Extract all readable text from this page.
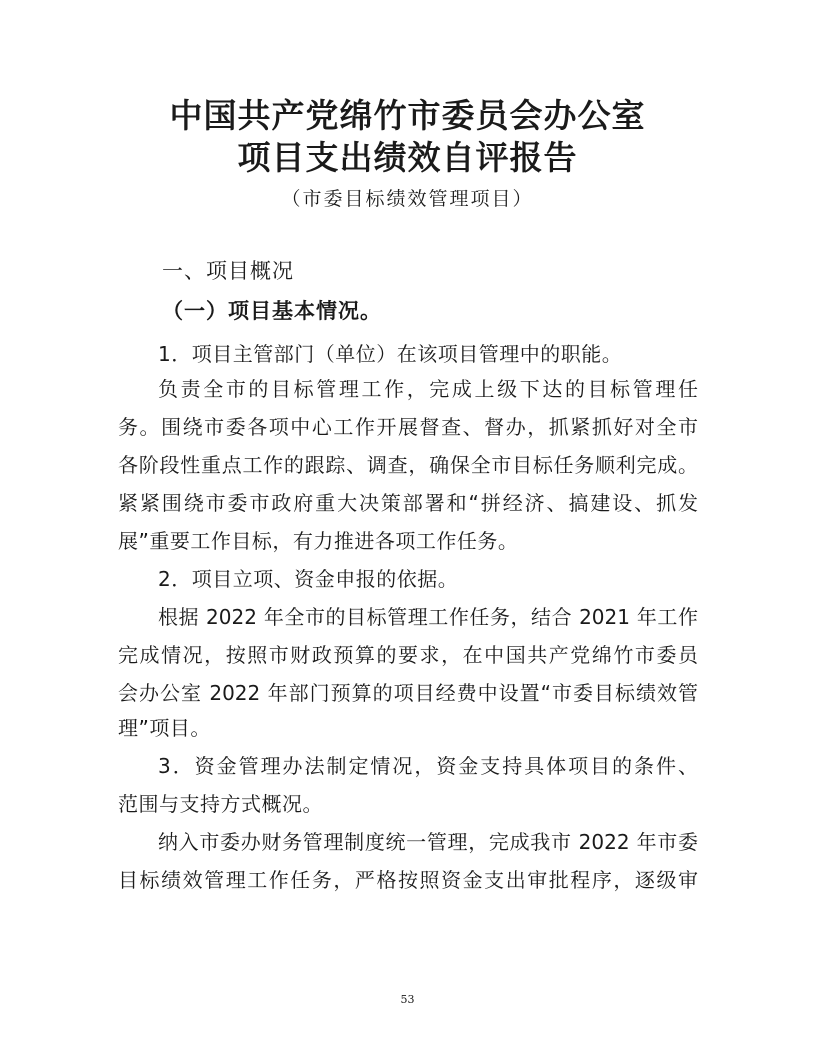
中国共产党绵竹市委员会办公室
项目支出绩效自评报告
（市委目标绩效管理项目）
一、项目概况
（一）项目基本情况。
1．项目主管部门（单位）在该项目管理中的职能。
负责全市的目标管理工作，完成上级下达的目标管理任
务。围绕市委各项中心工作开展督查、督办，抓紧抓好对全市
各阶段性重点工作的跟踪、调查，确保全市目标任务顺利完成。
紧紧围绕市委市政府重大决策部署和“拼经济、搞建设、抓发
展”重要工作目标，有力推进各项工作任务。
2．项目立项、资金申报的依据。
根据 2022 年全市的目标管理工作任务，结合 2021 年工作
完成情况，按照市财政预算的要求，在中国共产党绵竹市委员
会办公室 2022 年部门预算的项目经费中设置“市委目标绩效管
理”项目。
3．资金管理办法制定情况，资金支持具体项目的条件、
范围与支持方式概况。
纳入市委办财务管理制度统一管理，完成我市 2022 年市委
目标绩效管理工作任务，严格按照资金支出审批程序，逐级审
53
